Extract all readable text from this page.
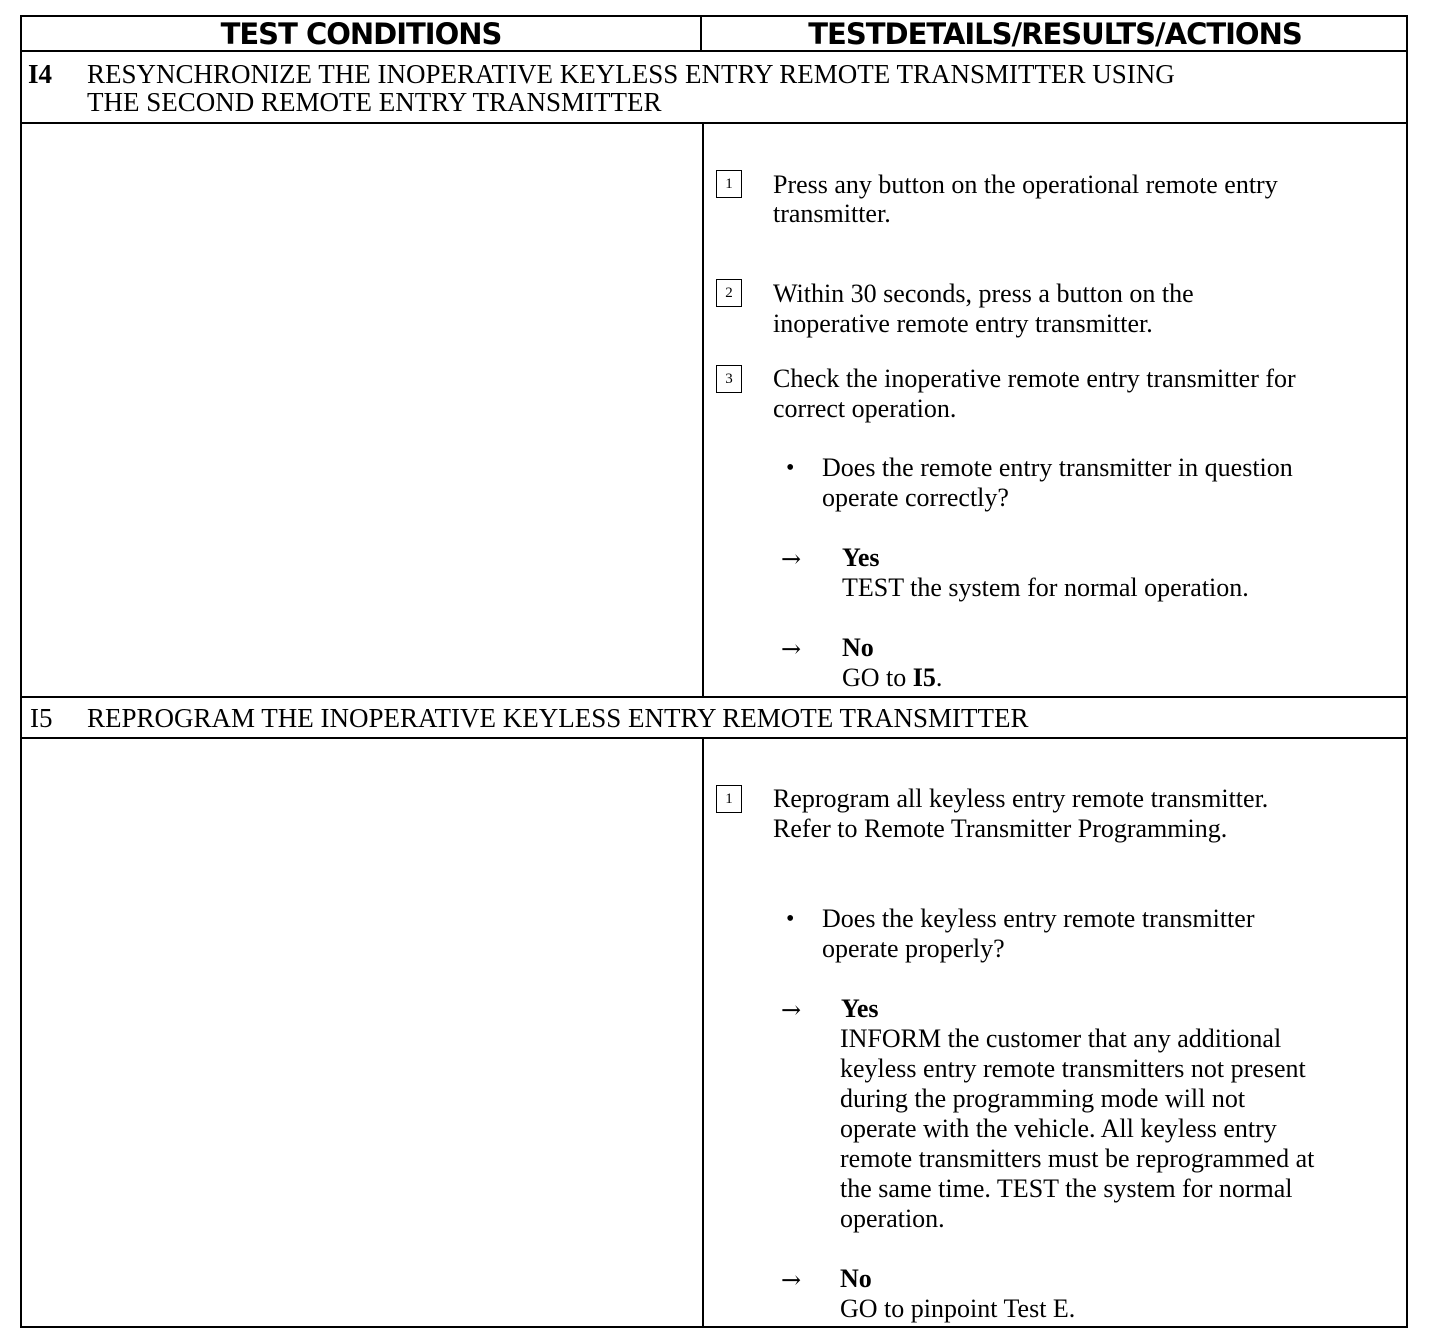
TEST CONDITIONS	TESTDETAILS/RESULTS/ACTIONS
I4 RESYNCHRONIZE THE INOPERATIVE KEYLESS ENTRY REMOTE TRANSMITTER USING
THE SECOND REMOTE ENTRY TRANSMITTER
1	Press any button on the operational remote entry
transmitter.
2	Within 30 seconds, press a button on the
inoperative remote entry transmitter.
3	Check the inoperative remote entry transmitter for
correct operation.
• Does the remote entry transmitter in question
operate correctly?
→ Yes
TEST the system for normal operation.
→ No
GO to I5.
I5 REPROGRAM THE INOPERATIVE KEYLESS ENTRY REMOTE TRANSMITTER
1	Reprogram all keyless entry remote transmitter.
Refer to Remote Transmitter Programming.
• Does the keyless entry remote transmitter
operate properly?
→ Yes
INFORM the customer that any additional
keyless entry remote transmitters not present
during the programming mode will not
operate with the vehicle. All keyless entry
remote transmitters must be reprogrammed at
the same time. TEST the system for normal
operation.
→ No
GO to pinpoint Test E.
